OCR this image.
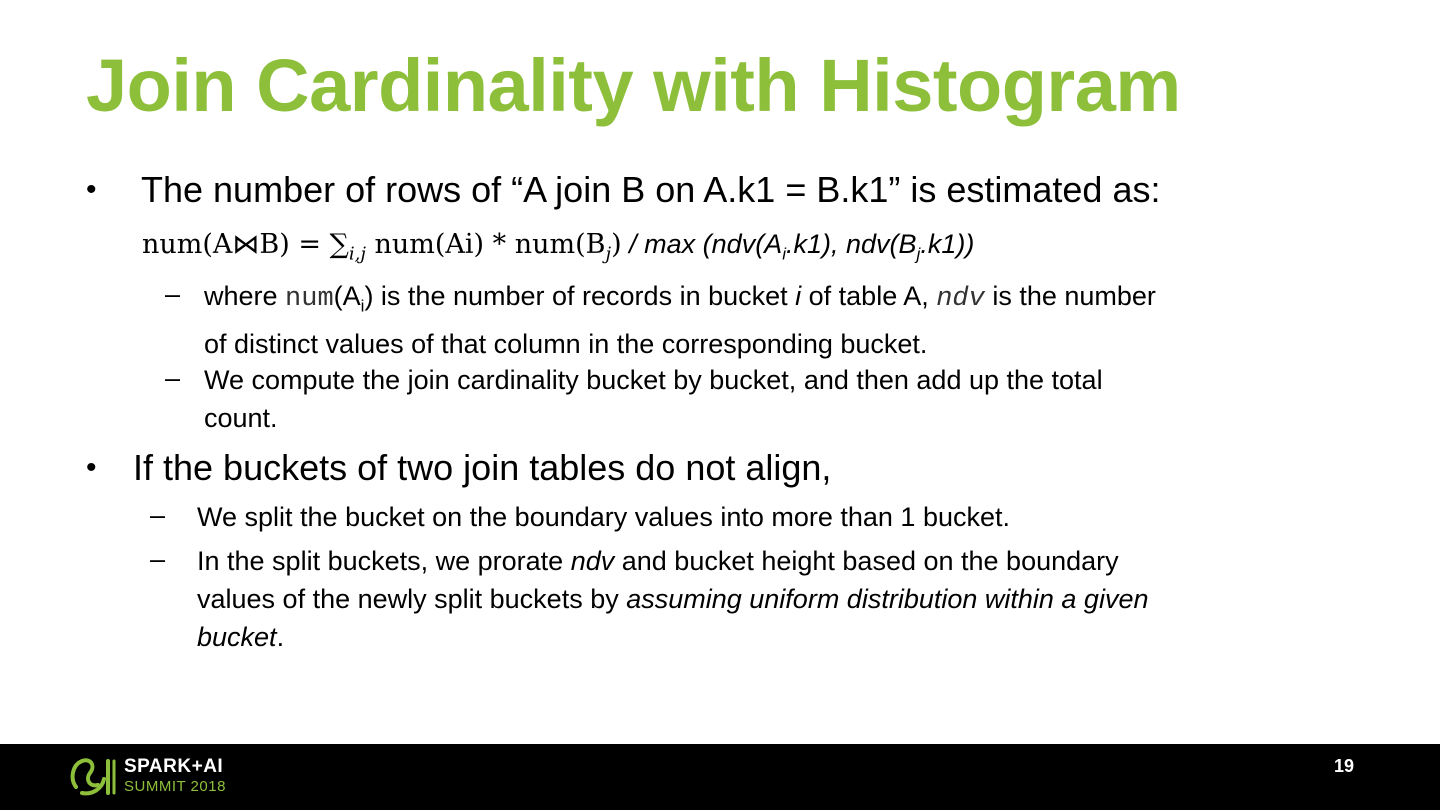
Join Cardinality with Histogram
• The number of rows of “A join B on A.k1 = B.k1” is estimated as:
num(A⋈B) = $\sum_{i,j}$ $num(Ai) * num(B_j)$ / $\max (ndv(A_i.k1)$, $ndv(B_j.k1)$)
– where $num(A_i)$ is the number of records in bucket i of table A, ndv is the number
of distinct values of that column in the corresponding bucket.
– We compute the join cardinality bucket by bucket, and then add up the total
count.
• If the buckets of two join tables do not align,
– We split the bucket on the boundary values into more than 1 bucket.
– In the split buckets, we prorate ndv and bucket height based on the boundary
values of the newly split buckets by assuming uniform distribution within a given
bucket.
SPARK+AI
SUMMIT 2018
19
